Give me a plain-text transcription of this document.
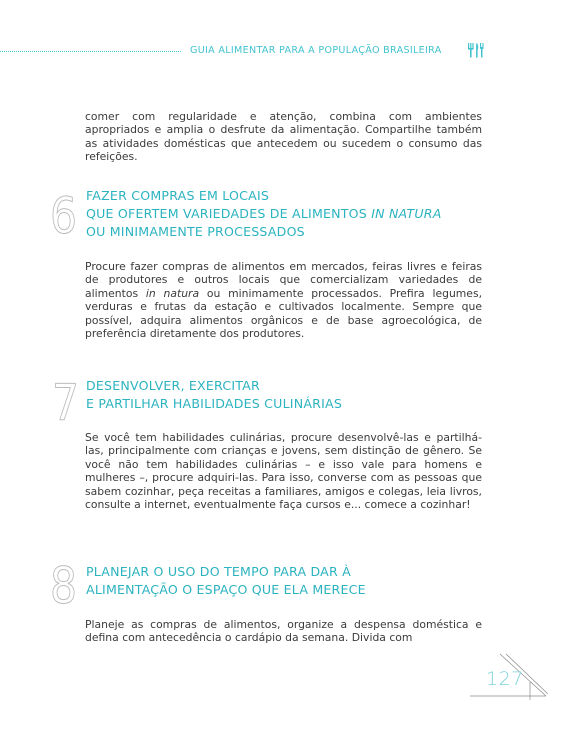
GUIA ALIMENTAR PARA A POPULAÇÃO BRASILEIRA

comer com regularidade e atenção, combina com ambientes apropriados e amplia o desfrute da alimentação. Compartilhe também as atividades domésticas que antecedem ou sucedem o consumo das refeições.

6 FAZER COMPRAS EM LOCAIS
QUE OFERTEM VARIEDADES DE ALIMENTOS IN NATURA
OU MINIMAMENTE PROCESSADOS

Procure fazer compras de alimentos em mercados, feiras livres e feiras de produtores e outros locais que comercializam variedades de alimentos in natura ou minimamente processados. Prefira legumes, verduras e frutas da estação e cultivados localmente. Sempre que possível, adquira alimentos orgânicos e de base agroecológica, de preferência diretamente dos produtores.

7 DESENVOLVER, EXERCITAR
E PARTILHAR HABILIDADES CULINÁRIAS

Se você tem habilidades culinárias, procure desenvolvê-las e partilhá-las, principalmente com crianças e jovens, sem distinção de gênero. Se você não tem habilidades culinárias – e isso vale para homens e mulheres –, procure adquiri-las. Para isso, converse com as pessoas que sabem cozinhar, peça receitas a familiares, amigos e colegas, leia livros, consulte a internet, eventualmente faça cursos e... comece a cozinhar!

8 PLANEJAR O USO DO TEMPO PARA DAR À
ALIMENTAÇÃO O ESPAÇO QUE ELA MERECE

Planeje as compras de alimentos, organize a despensa doméstica e defina com antecedência o cardápio da semana. Divida com

127
